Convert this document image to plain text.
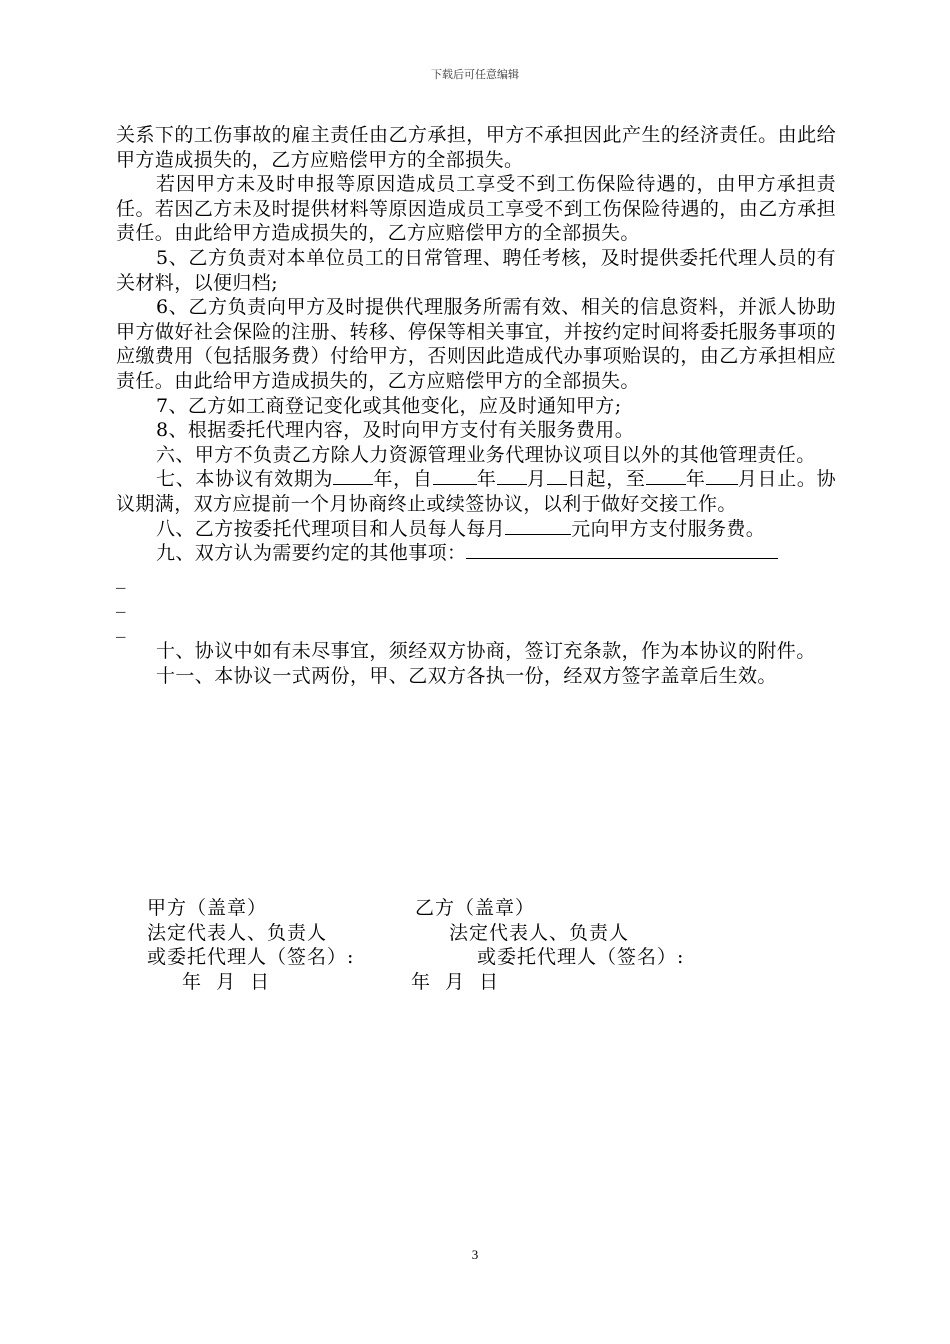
下载后可任意编辑

关系下的工伤事故的雇主责任由乙方承担，甲方不承担因此产生的经济责任。由此给甲方造成损失的，乙方应赔偿甲方的全部损失。

若因甲方未及时申报等原因造成员工享受不到工伤保险待遇的，由甲方承担责任。若因乙方未及时提供材料等原因造成员工享受不到工伤保险待遇的，由乙方承担责任。由此给甲方造成损失的，乙方应赔偿甲方的全部损失。

5、乙方负责对本单位员工的日常管理、聘任考核，及时提供委托代理人员的有关材料，以便归档;

6、乙方负责向甲方及时提供代理服务所需有效、相关的信息资料，并派人协助甲方做好社会保险的注册、转移、停保等相关事宜，并按约定时间将委托服务事项的应缴费用（包括服务费）付给甲方，否则因此造成代办事项贻误的，由乙方承担相应责任。由此给甲方造成损失的，乙方应赔偿甲方的全部损失。

7、乙方如工商登记变化或其他变化，应及时通知甲方;

8、根据委托代理内容，及时向甲方支付有关服务费用。

六、甲方不负责乙方除人力资源管理业务代理协议项目以外的其他管理责任。

七、本协议有效期为 年，自 年 月 日起，至 年 月日止。协议期满，双方应提前一个月协商终止或续签协议，以利于做好交接工作。

八、乙方按委托代理项目和人员每人每月	元向甲方支付服务费。

九、双方认为需要约定的其他事项：

_

_

_

十、协议中如有未尽事宜，须经双方协商，签订充条款，作为本协议的附件。

十一、本协议一式两份，甲、乙双方各执一份，经双方签字盖章后生效。

甲方（盖章）	乙方（盖章）
法定代表人、负责人	法定代表人、负责人
或委托代理人（签名）:	或委托代理人（签名）:
年  月  日	年  月  日
3
